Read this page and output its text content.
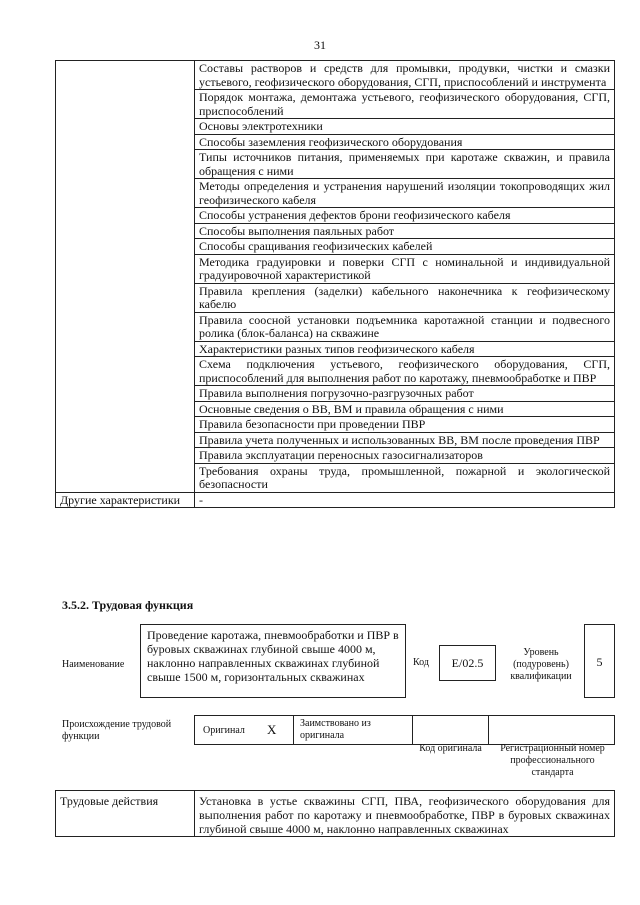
31
	Составы растворов и средств для промывки, продувки, чистки и смазки устьевого, геофизического оборудования, СГП, приспособлений и инструмента
	Порядок монтажа, демонтажа устьевого, геофизического оборудования, СГП, приспособлений
	Основы электротехники
	Способы заземления геофизического оборудования
	Типы источников питания, применяемых при каротаже скважин, и правила обращения с ними
	Методы определения и устранения нарушений изоляции токопроводящих жил геофизического кабеля
	Способы устранения дефектов брони геофизического кабеля
	Способы выполнения паяльных работ
	Способы сращивания геофизических кабелей
	Методика градуировки и поверки СГП с номинальной и индивидуальной градуировочной характеристикой
	Правила крепления (заделки) кабельного наконечника к геофизическому кабелю
	Правила соосной установки подъемника каротажной станции и подвесного ролика (блок-баланса) на скважине
	Характеристики разных типов геофизического кабеля
	Схема подключения устьевого, геофизического оборудования, СГП, приспособлений для выполнения работ по каротажу, пневмообработке и ПВР
	Правила выполнения погрузочно-разгрузочных работ
	Основные сведения о ВВ, ВМ и правила обращения с ними
	Правила безопасности при проведении ПВР
	Правила учета полученных и использованных ВВ, ВМ после проведения ПВР
	Правила эксплуатации переносных газосигнализаторов
	Требования охраны труда, промышленной, пожарной и экологической безопасности
Другие характеристики	-
3.5.2. Трудовая функция
Наименование
Проведение каротажа, пневмообработки и ПВР в буровых скважинах глубиной свыше 4000 м, наклонно направленных скважинах глубиной свыше 1500 м, горизонтальных скважинах
Код	E/02.5
Уровень (подуровень) квалификации
5
Происхождение трудовой функции
Оригинал X Заимствовано из оригинала
Код оригинала	Регистрационный номер профессионального стандарта
Трудовые действия	Установка в устье скважины СГП, ПВА, геофизического оборудования для выполнения работ по каротажу и пневмообработке, ПВР в буровых скважинах глубиной свыше 4000 м, наклонно направленных скважинах
